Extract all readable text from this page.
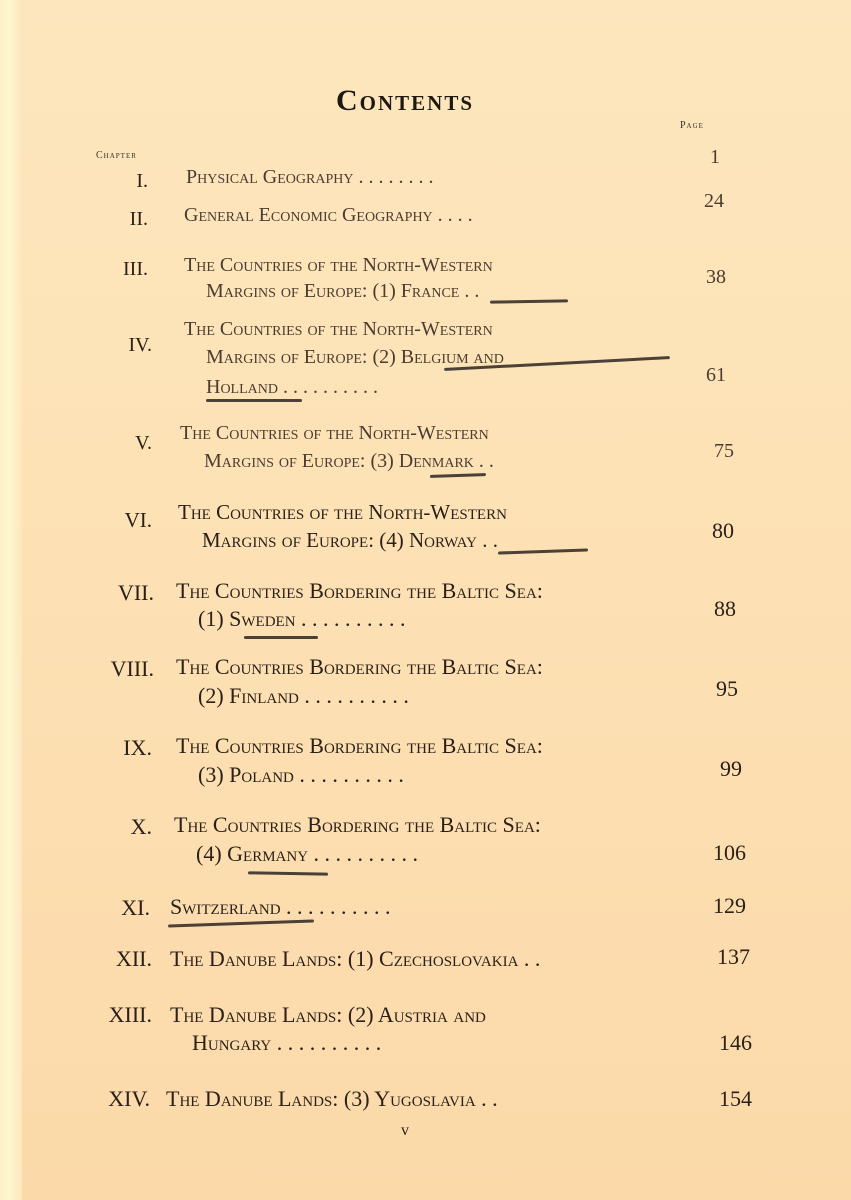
Contents
Page
Chapter
I. Physical Geography . . . . . . . .
1
II. General Economic Geography . . . .
24
III. The Countries of the North-Western
Margins of Europe: (1) France . .
38
IV.
The Countries of the North-Western
Margins of Europe: (2) Belgium and
Holland . . . . . . . . . .
61
V. The Countries of the North-Western
Margins of Europe: (3) Denmark . .	75
VI. The Countries of the North-Western
Margins of Europe: (4) Norway . .	80
VII. The Countries Bordering the Baltic Sea:
(1) Sweden . . . . . . . . . .	88
VIII. The Countries Bordering the Baltic Sea:
(2) Finland . . . . . . . . . .	95
IX. The Countries Bordering the Baltic Sea:
(3) Poland . . . . . . . . . .	99
X. The Countries Bordering the Baltic Sea:
(4) Germany . . . . . . . . . .	106
XI. Switzerland . . . . . . . . . .	129
XII. The Danube Lands: (1) Czechoslovakia . .	137
XIII. The Danube Lands: (2) Austria and
Hungary . . . . . . . . . .	146
XIV. The Danube Lands: (3) Yugoslavia . .	154
v
